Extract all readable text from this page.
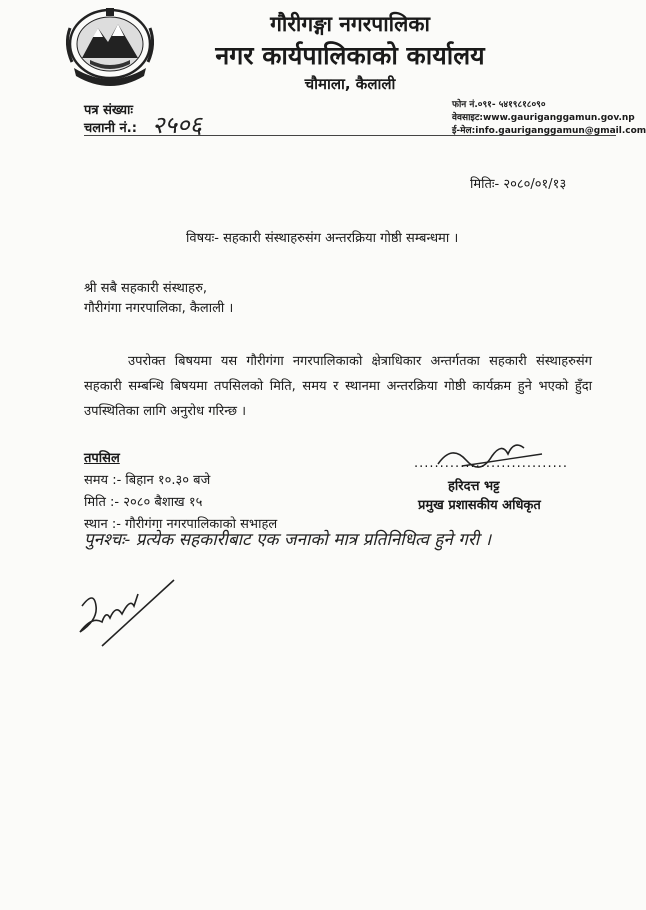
गौरीगङ्गा नगरपालिका
नगर कार्यपालिकाको कार्यालय
चौमाला, कैलाली
पत्र संख्याः
चलानी नं.: २५०६
फोन नं.०९१- ५४१९८१८०९०
वेवसाइट:www.gauriganggamun.gov.np
ई-मेल:info.gauriganggamun@gmail.com
मितिः- २०८०/०१/१३
विषयः- सहकारी संस्थाहरुसंग अन्तरक्रिया गोष्ठी सम्बन्धमा ।
श्री सबै सहकारी संस्थाहरु,
गौरीगंगा नगरपालिका, कैलाली ।
उपरोक्त बिषयमा यस गौरीगंगा नगरपालिकाको क्षेत्राधिकार अन्तर्गतका सहकारी संस्थाहरुसंग सहकारी सम्बन्धि बिषयमा तपसिलको मिति, समय र स्थानमा अन्तरक्रिया गोष्ठी कार्यक्रम हुने भएको हुँदा उपस्थितिका लागि अनुरोध गरिन्छ ।
तपसिल
समय :- बिहान १०.३० बजे
मिति :- २०८० बैशाख १५
स्थान :- गौरीगंगा नगरपालिकाको सभाहल
..............................
हरिदत्त भट्ट
प्रमुख प्रशासकीय अधिकृत
पुनश्चः- प्रत्येक सहकारीबाट एक जनाको मात्र प्रतिनिधित्व हुने गरी ।
